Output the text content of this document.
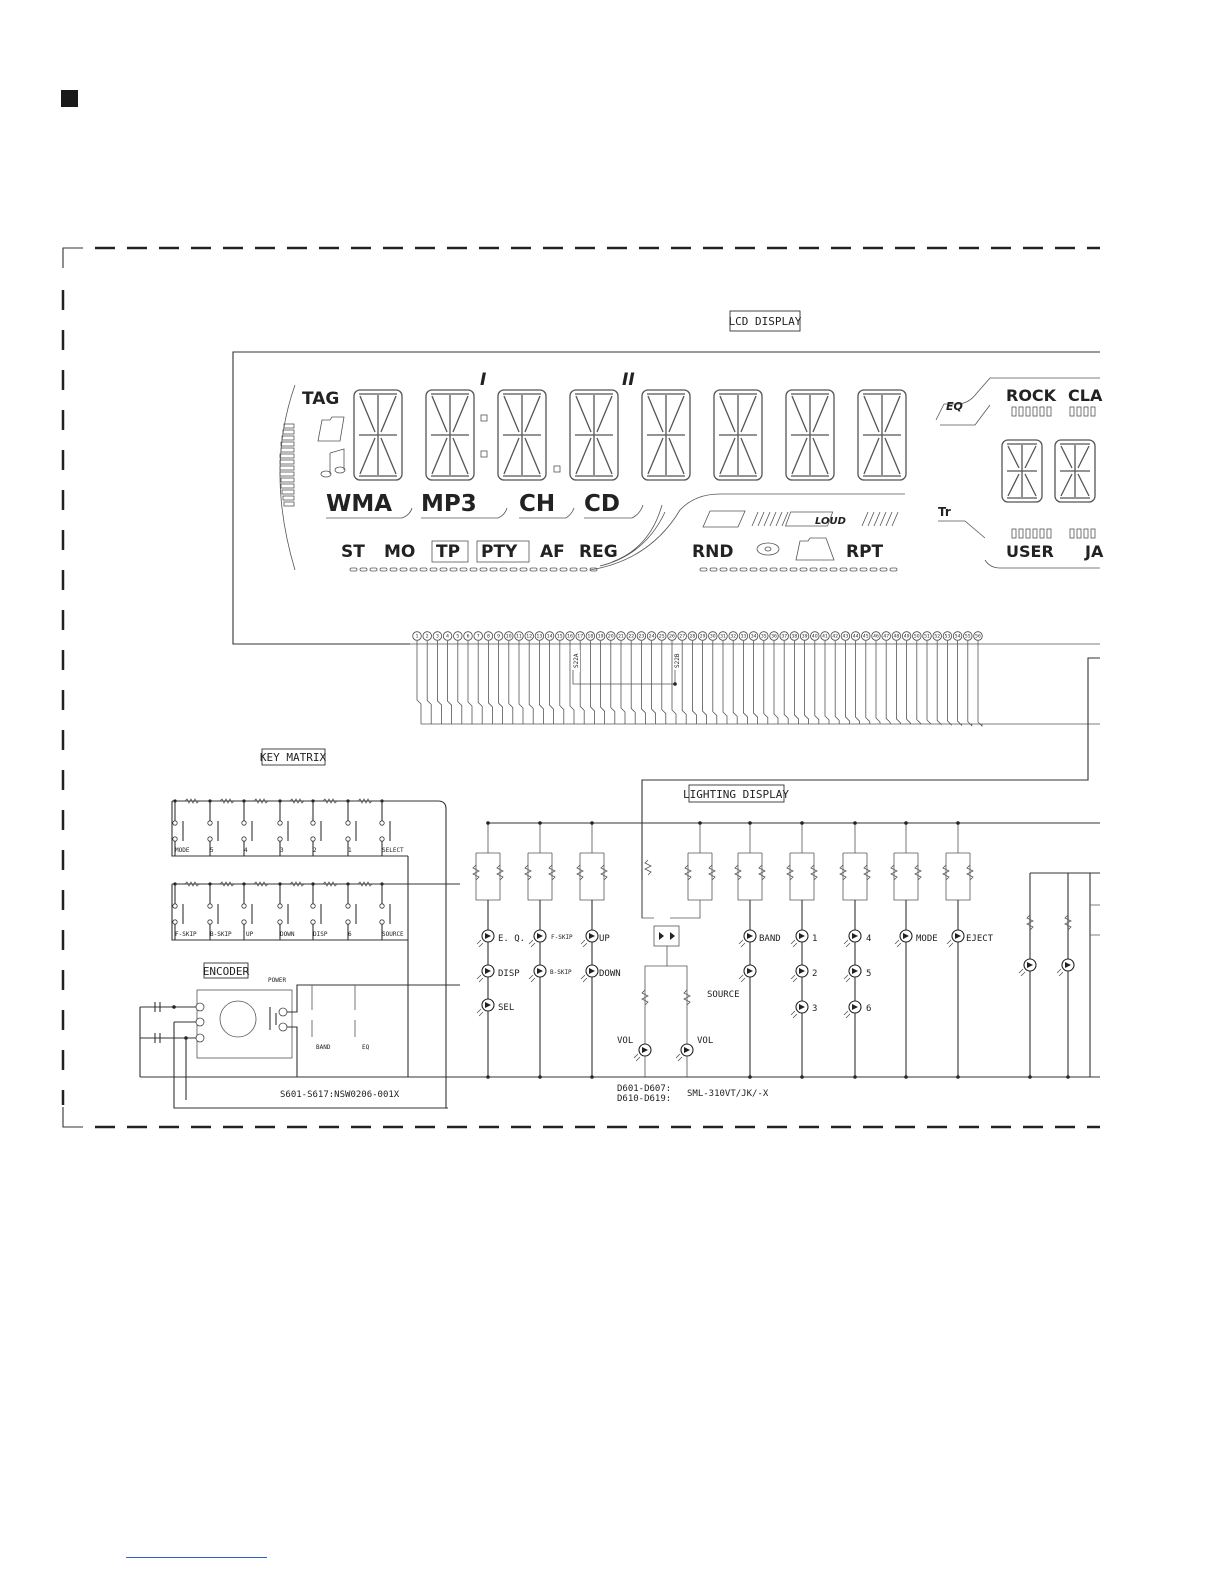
LCD DISPLAY
KEY MATRIX
LIGHTING DISPLAY
ENCODER
TAG
I	II
WMA MP3 CH CD
ST MO TP PTY AF REG
LOUD
RND	RPT
EQ
ROCK CLA
Tr
USER JA
1 2 3 4 5 6 7 8 9 10 11 12 13 14 15 16 17 18 19 20 21 22 23 24 25 26 27 28 29 30 31 32 33 34 35 36 37 38 39 40 41 42 43 44 45 46 47 48 49 50 51 52 53 54 55 56
S22A	S22B
MODE	5	4	3	2	1	SELECT
F-SKIP B-SKIP UP	DOWN	DISP	6	SOURCE
POWER
BAND	EQ
S601-S617:NSW0206-001X
E. Q.	F-SKIP	UP
DISP	B-SKIP	DOWN
SEL
VOL	VOL
BAND
SOURCE
1
2
3
4
5
6
MODE	EJECT
D601-D607:
D610-D619: SML-310VT/JK/-X
